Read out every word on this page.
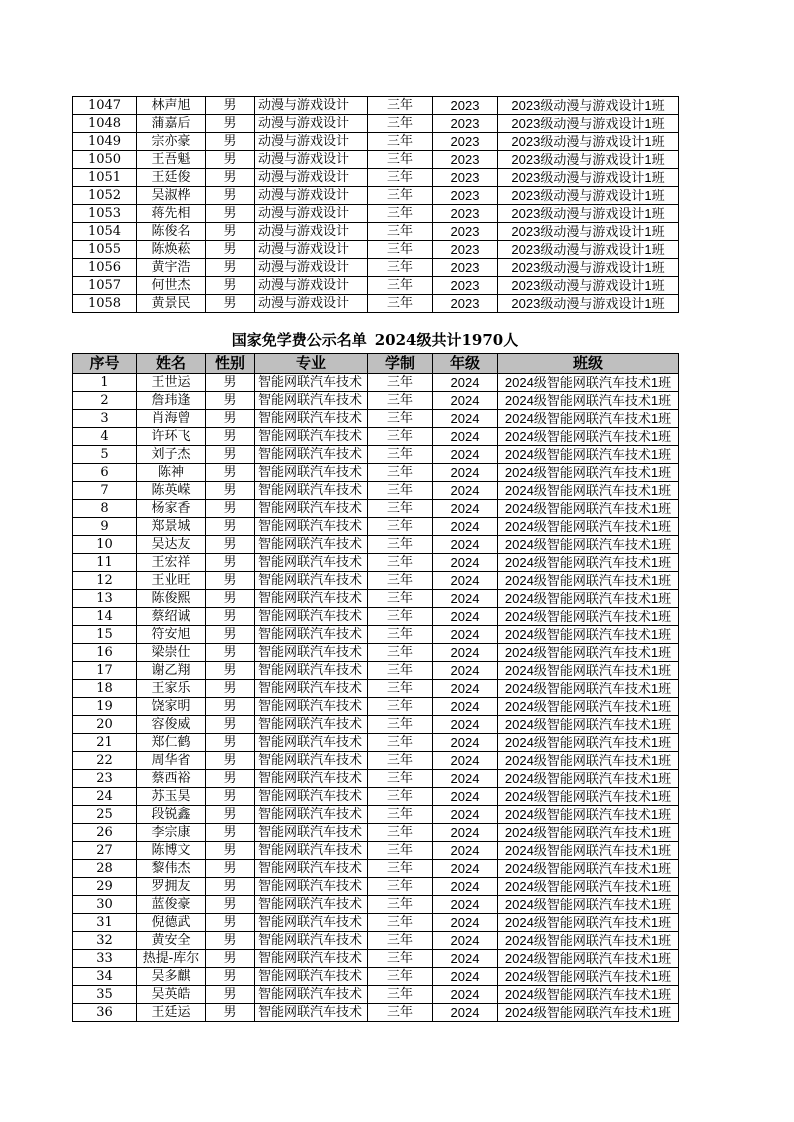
1047	林声旭	男	动漫与游戏设计	三年	2023	2023级动漫与游戏设计1班
1048	蒲嘉后	男	动漫与游戏设计	三年	2023	2023级动漫与游戏设计1班
1049	宗亦豪	男	动漫与游戏设计	三年	2023	2023级动漫与游戏设计1班
1050	王吾魁	男	动漫与游戏设计	三年	2023	2023级动漫与游戏设计1班
1051	王廷俊	男	动漫与游戏设计	三年	2023	2023级动漫与游戏设计1班
1052	吴淑桦	男	动漫与游戏设计	三年	2023	2023级动漫与游戏设计1班
1053	蒋先相	男	动漫与游戏设计	三年	2023	2023级动漫与游戏设计1班
1054	陈俊名	男	动漫与游戏设计	三年	2023	2023级动漫与游戏设计1班
1055	陈焕菘	男	动漫与游戏设计	三年	2023	2023级动漫与游戏设计1班
1056	黄宇浩	男	动漫与游戏设计	三年	2023	2023级动漫与游戏设计1班
1057	何世杰	男	动漫与游戏设计	三年	2023	2023级动漫与游戏设计1班
1058	黄景民	男	动漫与游戏设计	三年	2023	2023级动漫与游戏设计1班
国家免学费公示名单 2024级共计1970人
序号	姓名	性别	专业	学制	年级	班级
1	王世运	男	智能网联汽车技术	三年	2024	2024级智能网联汽车技术1班
2	詹玮逢	男	智能网联汽车技术	三年	2024	2024级智能网联汽车技术1班
3	肖海曾	男	智能网联汽车技术	三年	2024	2024级智能网联汽车技术1班
4	许环飞	男	智能网联汽车技术	三年	2024	2024级智能网联汽车技术1班
5	刘子杰	男	智能网联汽车技术	三年	2024	2024级智能网联汽车技术1班
6	陈神	男	智能网联汽车技术	三年	2024	2024级智能网联汽车技术1班
7	陈英嵘	男	智能网联汽车技术	三年	2024	2024级智能网联汽车技术1班
8	杨家香	男	智能网联汽车技术	三年	2024	2024级智能网联汽车技术1班
9	郑景城	男	智能网联汽车技术	三年	2024	2024级智能网联汽车技术1班
10	吴达友	男	智能网联汽车技术	三年	2024	2024级智能网联汽车技术1班
11	王宏祥	男	智能网联汽车技术	三年	2024	2024级智能网联汽车技术1班
12	王业旺	男	智能网联汽车技术	三年	2024	2024级智能网联汽车技术1班
13	陈俊熙	男	智能网联汽车技术	三年	2024	2024级智能网联汽车技术1班
14	蔡绍诚	男	智能网联汽车技术	三年	2024	2024级智能网联汽车技术1班
15	符安旭	男	智能网联汽车技术	三年	2024	2024级智能网联汽车技术1班
16	梁崇仕	男	智能网联汽车技术	三年	2024	2024级智能网联汽车技术1班
17	谢乙翔	男	智能网联汽车技术	三年	2024	2024级智能网联汽车技术1班
18	王家乐	男	智能网联汽车技术	三年	2024	2024级智能网联汽车技术1班
19	饶家明	男	智能网联汽车技术	三年	2024	2024级智能网联汽车技术1班
20	容俊威	男	智能网联汽车技术	三年	2024	2024级智能网联汽车技术1班
21	郑仁鹤	男	智能网联汽车技术	三年	2024	2024级智能网联汽车技术1班
22	周华省	男	智能网联汽车技术	三年	2024	2024级智能网联汽车技术1班
23	蔡西裕	男	智能网联汽车技术	三年	2024	2024级智能网联汽车技术1班
24	苏玉昊	男	智能网联汽车技术	三年	2024	2024级智能网联汽车技术1班
25	段锐鑫	男	智能网联汽车技术	三年	2024	2024级智能网联汽车技术1班
26	李宗康	男	智能网联汽车技术	三年	2024	2024级智能网联汽车技术1班
27	陈博文	男	智能网联汽车技术	三年	2024	2024级智能网联汽车技术1班
28	黎伟杰	男	智能网联汽车技术	三年	2024	2024级智能网联汽车技术1班
29	罗拥友	男	智能网联汽车技术	三年	2024	2024级智能网联汽车技术1班
30	蓝俊豪	男	智能网联汽车技术	三年	2024	2024级智能网联汽车技术1班
31	倪德武	男	智能网联汽车技术	三年	2024	2024级智能网联汽车技术1班
32	黄安全	男	智能网联汽车技术	三年	2024	2024级智能网联汽车技术1班
33	热提-库尔	男	智能网联汽车技术	三年	2024	2024级智能网联汽车技术1班
34	吴多麒	男	智能网联汽车技术	三年	2024	2024级智能网联汽车技术1班
35	吴英皓	男	智能网联汽车技术	三年	2024	2024级智能网联汽车技术1班
36	王廷运	男	智能网联汽车技术	三年	2024	2024级智能网联汽车技术1班
